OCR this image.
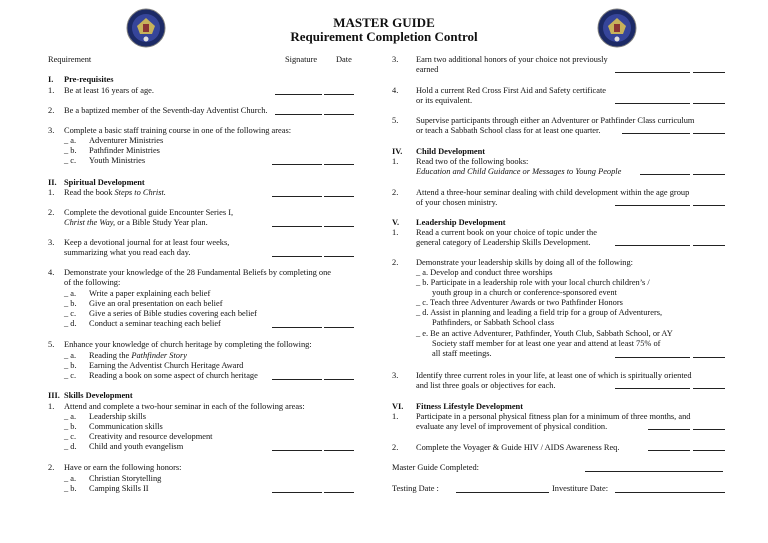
MASTER GUIDE
Requirement Completion Control
Requirement	Signature Date
I. Pre-requisites
1. Be at least 16 years of age.
2. Be a baptized member of the Seventh-day Adventist Church.
3. Complete a basic staff training course in one of the following areas:
_ a. Adventurer Ministries
_ b. Pathfinder Ministries
_ c. Youth Ministries
II. Spiritual Development
1. Read the book Steps to Christ.
2. Complete the devotional guide Encounter Series I,
Christ the Way, or a Bible Study Year plan.
3. Keep a devotional journal for at least four weeks,
summarizing what you read each day.
4. Demonstrate your knowledge of the 28 Fundamental Beliefs by completing one
of the following:
_ a. Write a paper explaining each belief
_ b. Give an oral presentation on each belief
_ c. Give a series of Bible studies covering each belief
_ d. Conduct a seminar teaching each belief
5. Enhance your knowledge of church heritage by completing the following:
_ a. Reading the Pathfinder Story
_ b. Earning the Adventist Church Heritage Award
_ c. Reading a book on some aspect of church heritage
III. Skills Development
1. Attend and complete a two-hour seminar in each of the following areas:
_ a. Leadership skills
_ b. Communication skills
_ c. Creativity and resource development
_ d. Child and youth evangelism
2. Have or earn the following honors:
_ a. Christian Storytelling
_ b. Camping Skills II
3. Earn two additional honors of your choice not previously
earned
4. Hold a current Red Cross First Aid and Safety certificate
or its equivalent.
5. Supervise participants through either an Adventurer or Pathfinder Class curriculum
or teach a Sabbath School class for at least one quarter.
IV. Child Development
1. Read two of the following books:
Education and Child Guidance or Messages to Young People
2. Attend a three-hour seminar dealing with child development within the age group
of your chosen ministry.
V. Leadership Development
1. Read a current book on your choice of topic under the
general category of Leadership Skills Development.
2. Demonstrate your leadership skills by doing all of the following:
_ a. Develop and conduct three worships
_ b. Participate in a leadership role with your local church children’s /
youth group in a church or conference-sponsored event
_ c. Teach three Adventurer Awards or two Pathfinder Honors
_ d. Assist in planning and leading a field trip for a group of Adventurers,
Pathfinders, or Sabbath School class
_ e. Be an active Adventurer, Pathfinder, Youth Club, Sabbath School, or AY
Society staff member for at least one year and attend at least 75% of
all staff meetings.
3. Identify three current roles in your life, at least one of which is spiritually oriented
and list three goals or objectives for each.
VI. Fitness Lifestyle Development
1. Participate in a personal physical fitness plan for a minimum of three months, and
evaluate any level of improvement of physical condition.
2. Complete the Voyager & Guide HIV / AIDS Awareness Req.
Master Guide Completed:
Testing Date :	Investiture Date:
